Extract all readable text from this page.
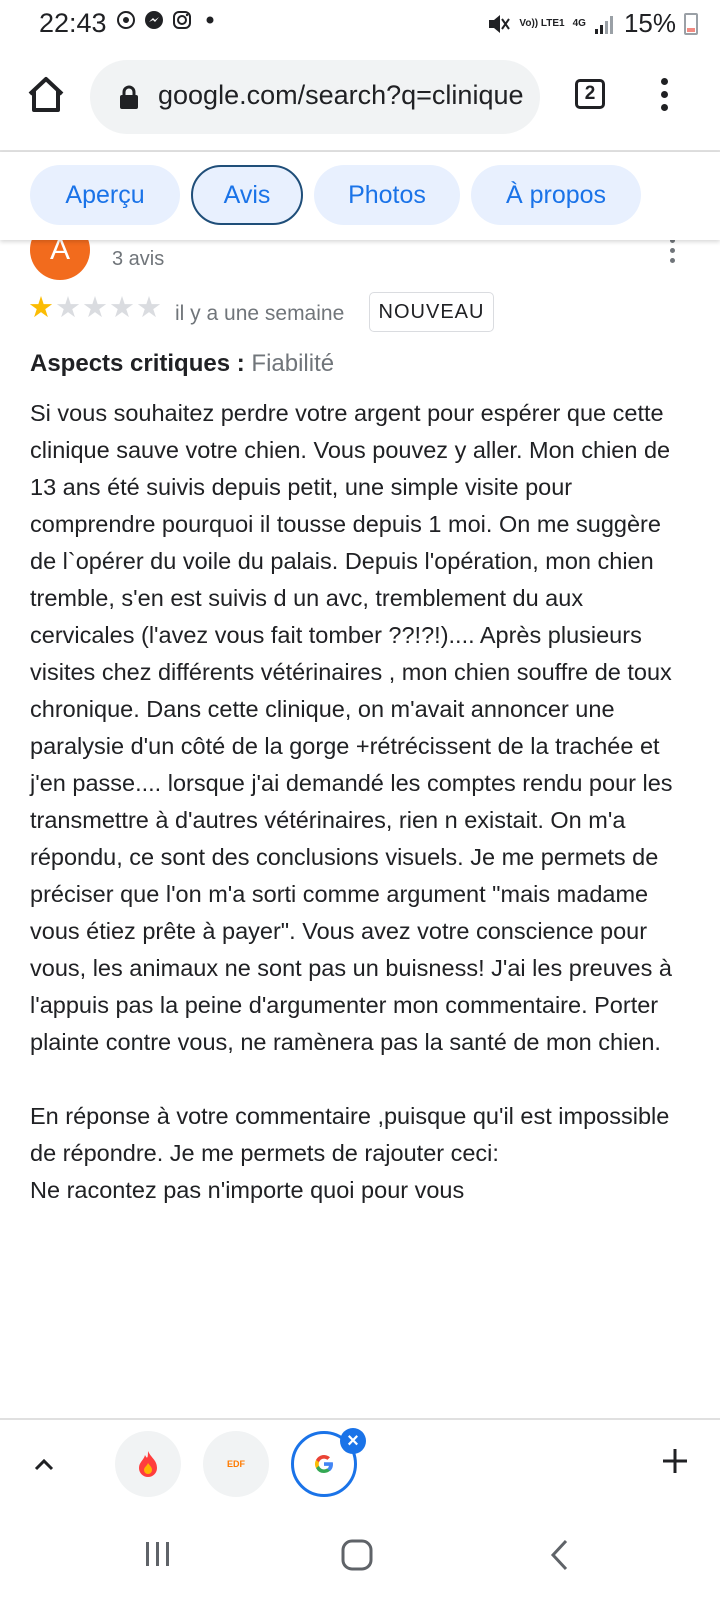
22:43	Vo)) LTE1 4G 15%
google.com/search?q=clinique	2
Aperçu	Avis	Photos	À propos
A	3 avis
★ ★ ★ ★ ★ il y a une semaine	NOUVEAU
Aspects critiques : Fiabilité

Si vous souhaitez perdre votre argent pour espérer que cette clinique sauve votre chien. Vous pouvez y aller. Mon chien de 13 ans été suivis depuis petit, une simple visite pour comprendre pourquoi il tousse depuis 1 moi. On me suggère de l`opérer du voile du palais. Depuis l'opération, mon chien tremble, s'en est suivis d un avc, tremblement du aux cervicales (l'avez vous fait tomber ??!?!).... Après plusieurs visites chez différents vétérinaires , mon chien souffre de toux chronique. Dans cette clinique, on m'avait annoncer une paralysie d'un côté de la gorge +rétrécissent de la trachée et j'en passe.... lorsque j'ai demandé les comptes rendu pour les transmettre à d'autres vétérinaires, rien n existait. On m'a répondu, ce sont des conclusions visuels. Je me permets de préciser que l'on m'a sorti comme argument "mais madame vous étiez prête à payer". Vous avez votre conscience pour vous, les animaux ne sont pas un buisness! J'ai les preuves à l'appuis pas la peine d'argumenter mon commentaire. Porter plainte contre vous, ne ramènera pas la santé de mon chien.

En réponse à votre commentaire ,puisque qu'il est impossible de répondre. Je me permets de rajouter ceci:

Ne racontez pas n'importe quoi pour vous

EDF
×
